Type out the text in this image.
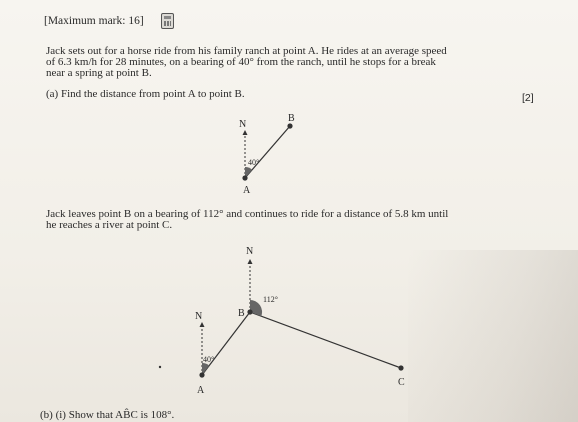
[Maximum mark: 16]
Jack sets out for a horse ride from his family ranch at point A. He rides at an average speed
of 6.3 km/h for 28 minutes, on a bearing of 40° from the ranch, until he stops for a break
near a spring at point B.
(a) Find the distance from point A to point B.	[2]
N
A
B
40°
N
N
A
B
C
40°
112°
Jack leaves point B on a bearing of 112° and continues to ride for a distance of 5.8 km until
he reaches a river at point C.
(b) (i) Show that AB̂C is 108°.
